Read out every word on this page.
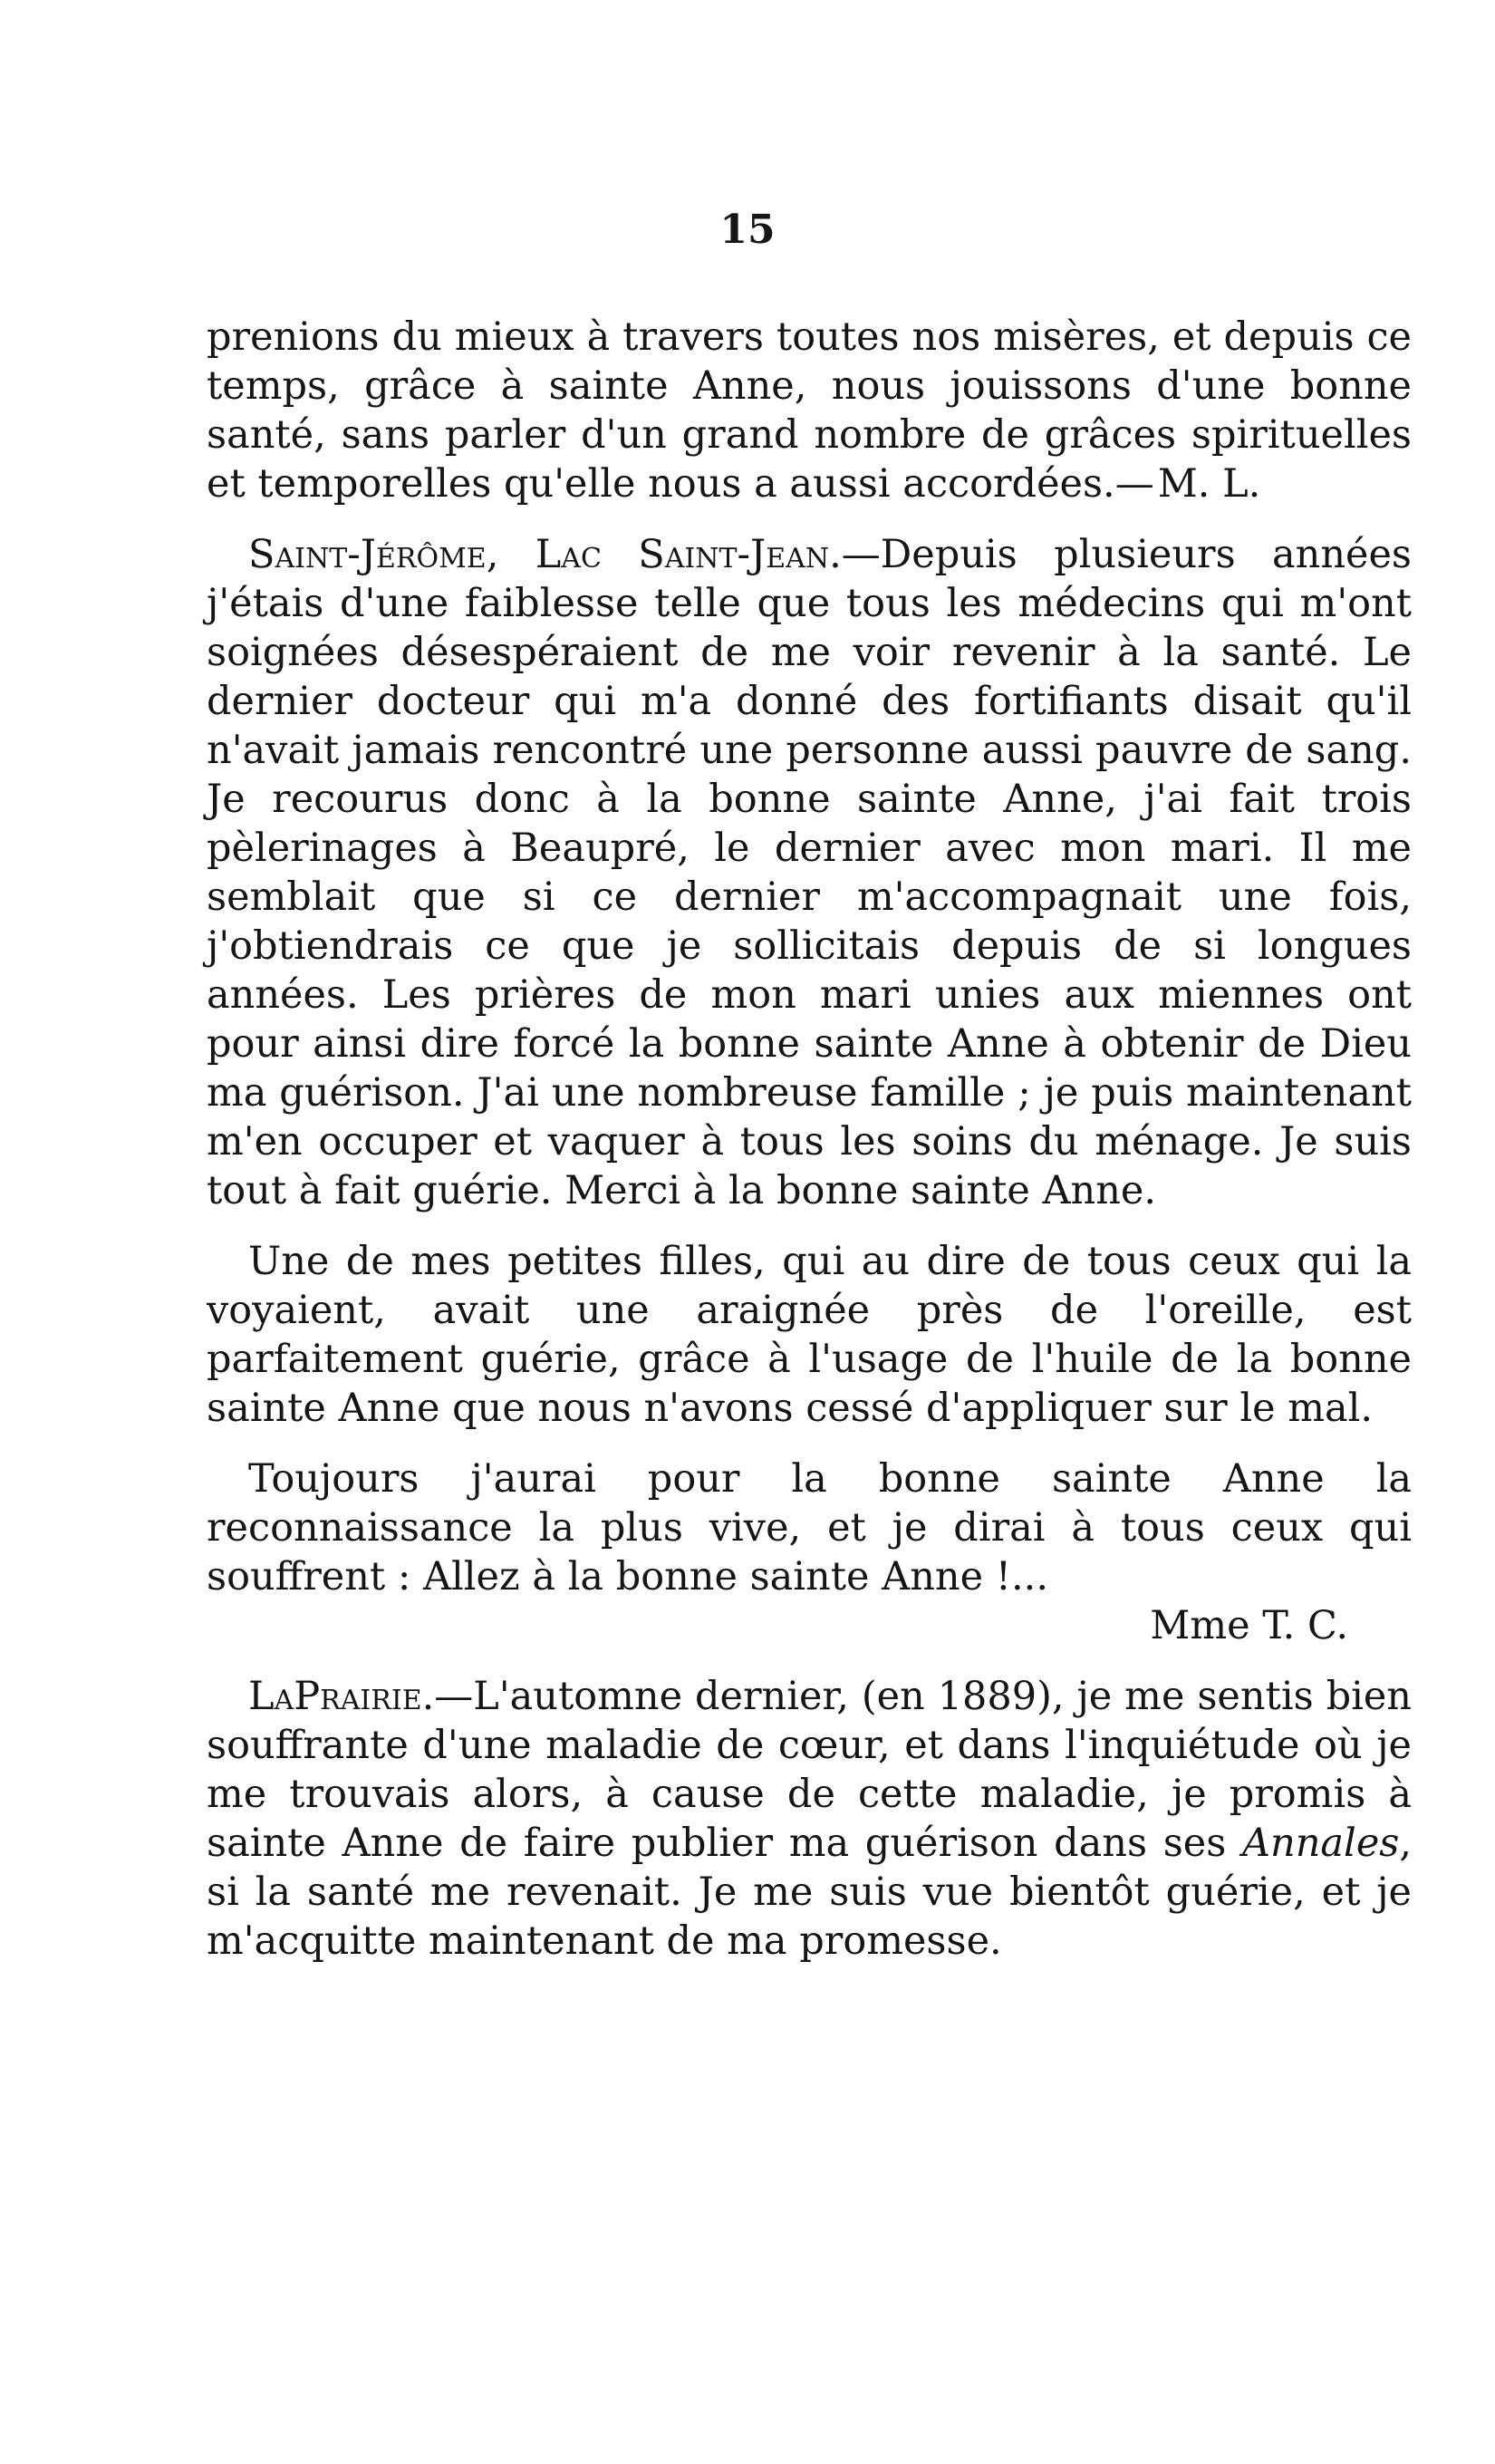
15

prenions du mieux à travers toutes nos misères, et depuis ce temps, grâce à sainte Anne, nous jouissons d'une bonne santé, sans parler d'un grand nombre de grâces spirituelles et temporelles qu'elle nous a aussi accordées.—M. L.

Saint-Jérôme, Lac Saint-Jean.—Depuis plusieurs années j'étais d'une faiblesse telle que tous les médecins qui m'ont soignées désespéraient de me voir revenir à la santé. Le dernier docteur qui m'a donné des fortifiants disait qu'il n'avait jamais rencontré une personne aussi pauvre de sang. Je recourus donc à la bonne sainte Anne, j'ai fait trois pèlerinages à Beaupré, le dernier avec mon mari. Il me semblait que si ce dernier m'accompagnait une fois, j'obtiendrais ce que je sollicitais depuis de si longues années. Les prières de mon mari unies aux miennes ont pour ainsi dire forcé la bonne sainte Anne à obtenir de Dieu ma guérison. J'ai une nombreuse famille ; je puis maintenant m'en occuper et vaquer à tous les soins du ménage. Je suis tout à fait guérie. Merci à la bonne sainte Anne.

Une de mes petites filles, qui au dire de tous ceux qui la voyaient, avait une araignée près de l'oreille, est parfaitement guérie, grâce à l'usage de l'huile de la bonne sainte Anne que nous n'avons cessé d'appliquer sur le mal.

Toujours j'aurai pour la bonne sainte Anne la reconnaissance la plus vive, et je dirai à tous ceux qui souffrent : Allez à la bonne sainte Anne !...
Mme T. C.

LaPrairie.—L'automne dernier, (en 1889), je me sentis bien souffrante d'une maladie de cœur, et dans l'inquiétude où je me trouvais alors, à cause de cette maladie, je promis à sainte Anne de faire publier ma guérison dans ses Annales, si la santé me revenait. Je me suis vue bientôt guérie, et je m'acquitte maintenant de ma promesse.
